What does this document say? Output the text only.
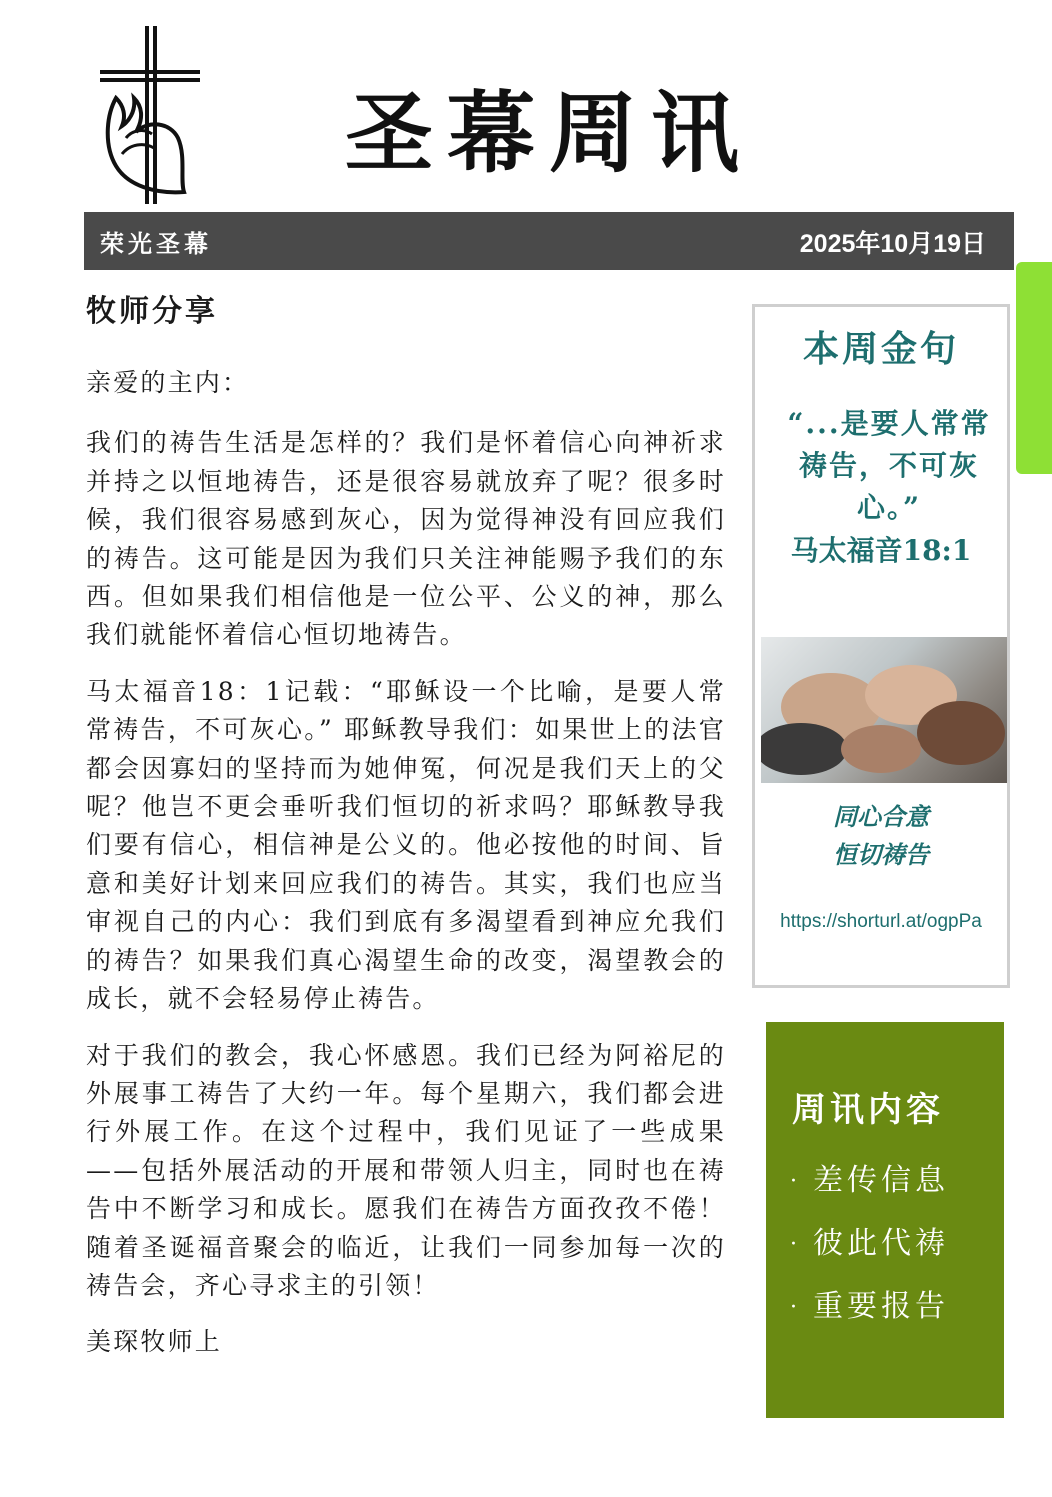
圣幕周讯
荣光圣幕	2025年10月19日
牧师分享

亲爱的主内：

我们的祷告生活是怎样的？我们是怀着信心向神祈求并持之以恒地祷告，还是很容易就放弃了呢？很多时候，我们很容易感到灰心，因为觉得神没有回应我们的祷告。这可能是因为我们只关注神能赐予我们的东西。但如果我们相信他是一位公平、公义的神，那么我们就能怀着信心恒切地祷告。

马太福音18：1记载：“耶稣设一个比喻，是要人常常祷告，不可灰心。” 耶稣教导我们：如果世上的法官都会因寡妇的坚持而为她伸冤，何况是我们天上的父呢？他岂不更会垂听我们恒切的祈求吗？耶稣教导我们要有信心，相信神是公义的。他必按他的时间、旨意和美好计划来回应我们的祷告。其实，我们也应当审视自己的内心：我们到底有多渴望看到神应允我们的祷告？如果我们真心渴望生命的改变，渴望教会的成长，就不会轻易停止祷告。

对于我们的教会，我心怀感恩。我们已经为阿裕尼的外展事工祷告了大约一年。每个星期六，我们都会进行外展工作。在这个过程中，我们见证了一些成果——包括外展活动的开展和带领人归主，同时也在祷告中不断学习和成长。愿我们在祷告方面孜孜不倦！随着圣诞福音聚会的临近，让我们一同参加每一次的祷告会，齐心寻求主的引领！

美琛牧师上

本周金句
“...是要人常常祷告，不可灰心。”
马太福音18:1
同心合意
恒切祷告
https://shorturl.at/ogpPa
周讯内容
· 差传信息
· 彼此代祷
· 重要报告
